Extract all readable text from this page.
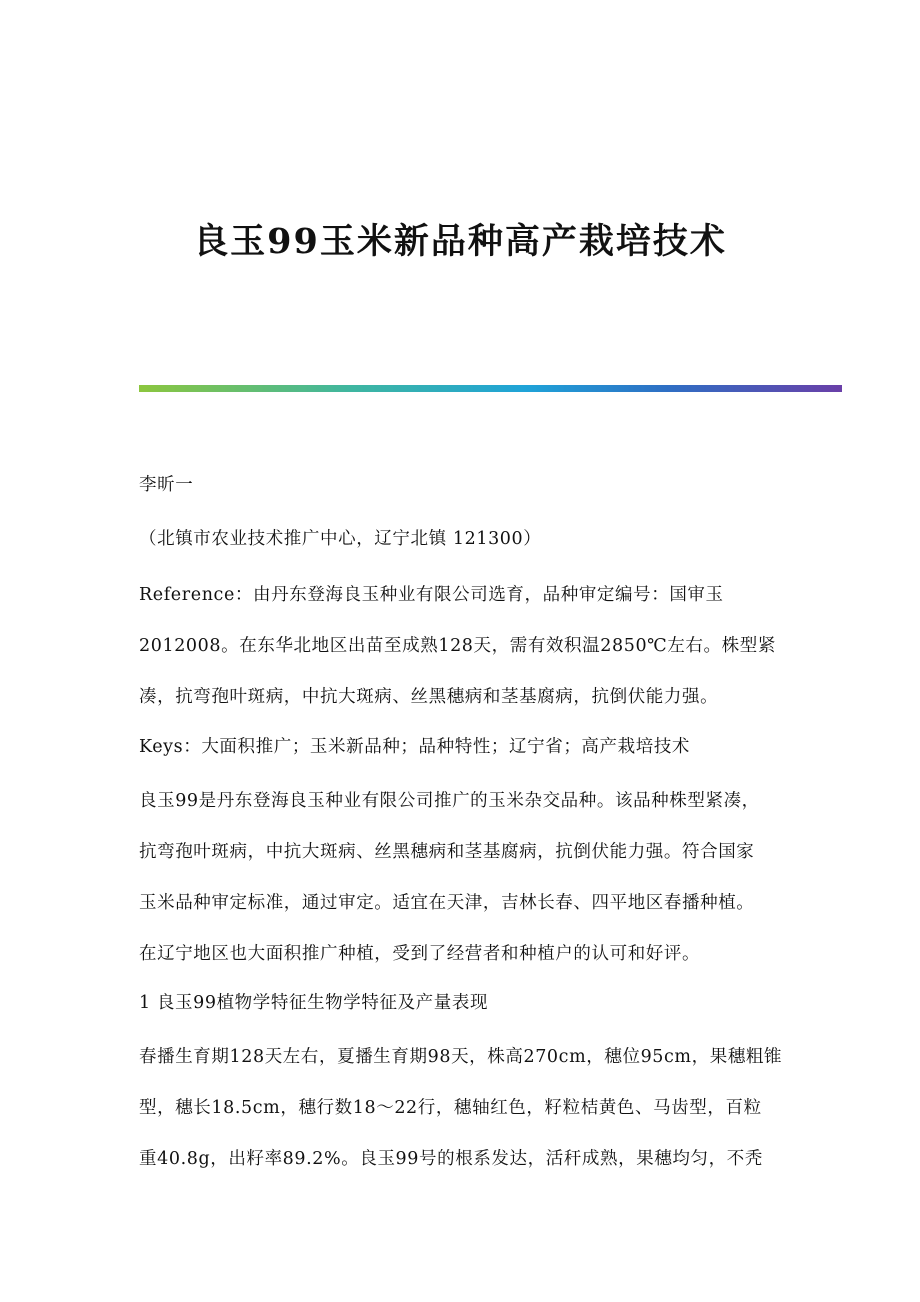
良玉99玉米新品种高产栽培技术

李昕一

（北镇市农业技术推广中心，辽宁北镇 121300）

Reference：由丹东登海良玉种业有限公司选育，品种审定编号：国审玉
2012008。在东华北地区出苗至成熟128天，需有效积温2850℃左右。株型紧
凑，抗弯孢叶斑病，中抗大斑病、丝黑穗病和茎基腐病，抗倒伏能力强。

Keys：大面积推广；玉米新品种；品种特性；辽宁省；高产栽培技术

良玉99是丹东登海良玉种业有限公司推广的玉米杂交品种。该品种株型紧凑，
抗弯孢叶斑病，中抗大斑病、丝黑穗病和茎基腐病，抗倒伏能力强。符合国家
玉米品种审定标准，通过审定。适宜在天津，吉林长春、四平地区春播种植。
在辽宁地区也大面积推广种植，受到了经营者和种植户的认可和好评。

1 良玉99植物学特征生物学特征及产量表现

春播生育期128天左右，夏播生育期98天，株高270cm，穗位95cm，果穗粗锥
型，穗长18.5cm，穗行数18～22行，穗轴红色，籽粒桔黄色、马齿型，百粒
重40.8g，出籽率89.2%。良玉99号的根系发达，活秆成熟，果穗均匀，不秃
